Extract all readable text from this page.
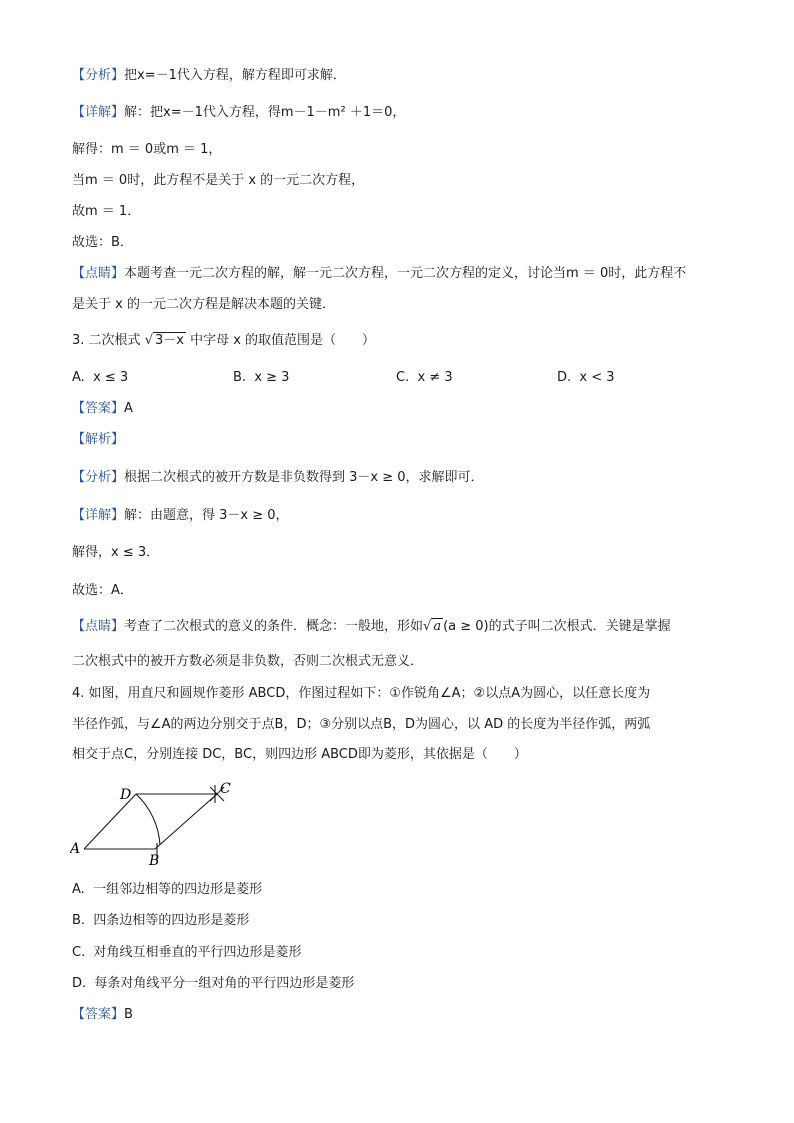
【分析】把x=－1代入方程，解方程即可求解．
【详解】解：把x=－1代入方程，得m－1－m² ＋1＝0，
解得：m ＝ 0或m ＝ 1，
当m ＝ 0时，此方程不是关于 x 的一元二次方程，
故m ＝ 1．
故选：B．
【点睛】本题考查一元二次方程的解，解一元二次方程，一元二次方程的定义，讨论当m ＝ 0时，此方程不
是关于 x 的一元二次方程是解决本题的关键．
3. 二次根式 √ 3－x 中字母 x 的取值范围是（　　）
A. x ≤ 3	B. x ≥ 3	C. x ≠ 3	D. x < 3
【答案】A
【解析】
【分析】根据二次根式的被开方数是非负数得到 3－x ≥ 0，求解即可．
【详解】解：由题意，得 3－x ≥ 0，
解得，x ≤ 3．
故选：A．
【点睛】考查了二次根式的意义的条件．概念：一般地，形如√ a (a ≥ 0)的式子叫二次根式．关键是掌握
二次根式中的被开方数必须是非负数，否则二次根式无意义．
4. 如图，用直尺和圆规作菱形 ABCD，作图过程如下：①作锐角∠A；②以点A为圆心，以任意长度为
半径作弧，与∠A的两边分别交于点B，D；③分别以点B，D为圆心，以 AD 的长度为半径作弧，两弧
相交于点C，分别连接 DC，BC，则四边形 ABCD即为菱形，其依据是（　　）
A
D	C
B
A. 一组邻边相等的四边形是菱形
B. 四条边相等的四边形是菱形
C. 对角线互相垂直的平行四边形是菱形
D. 每条对角线平分一组对角的平行四边形是菱形
【答案】B
